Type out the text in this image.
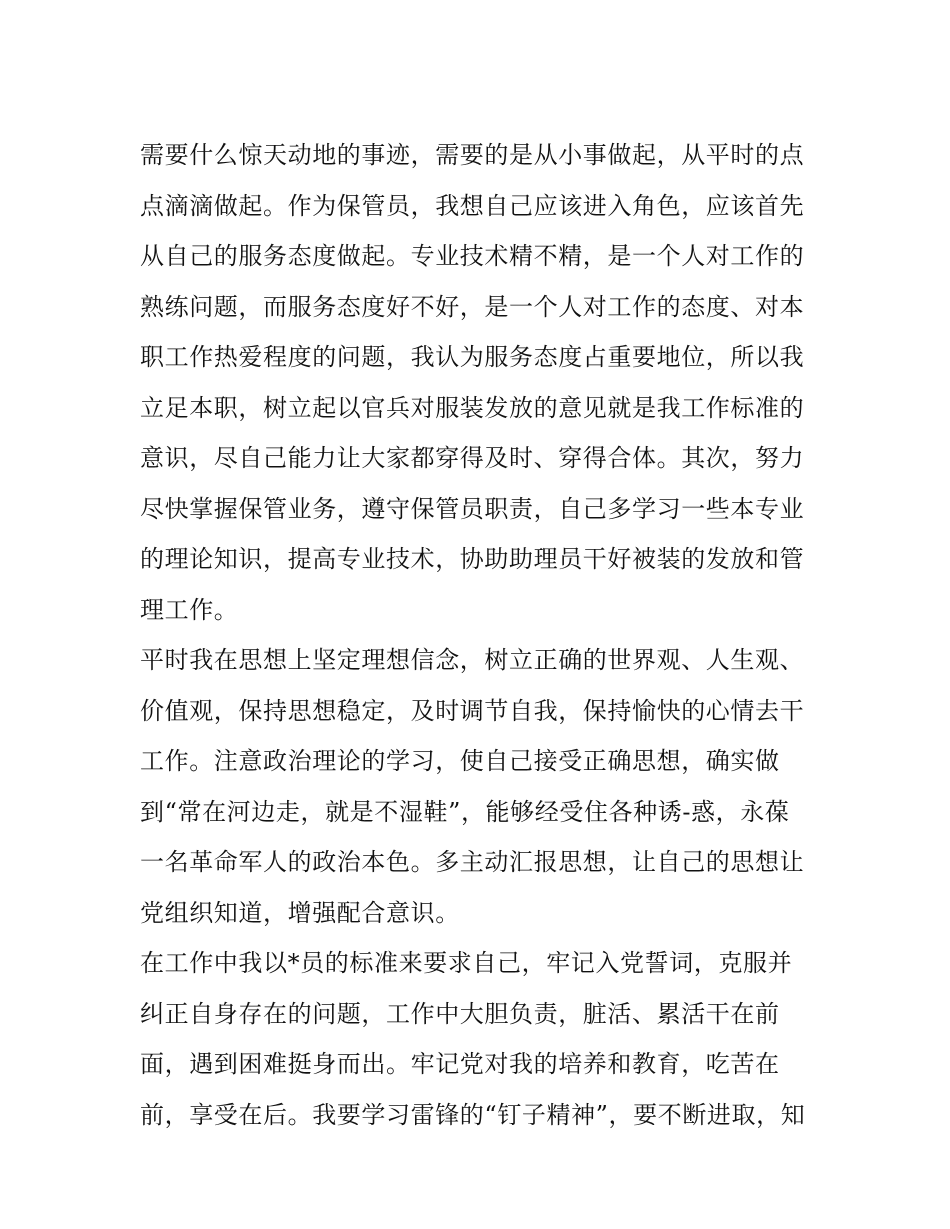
需要什么惊天动地的事迹，需要的是从小事做起，从平时的点
点滴滴做起。作为保管员，我想自己应该进入角色，应该首先
从自己的服务态度做起。专业技术精不精，是一个人对工作的
熟练问题，而服务态度好不好，是一个人对工作的态度、对本
职工作热爱程度的问题，我认为服务态度占重要地位，所以我
立足本职，树立起以官兵对服装发放的意见就是我工作标准的
意识，尽自己能力让大家都穿得及时、穿得合体。其次，努力
尽快掌握保管业务，遵守保管员职责，自己多学习一些本专业
的理论知识，提高专业技术，协助助理员干好被装的发放和管
理工作。
平时我在思想上坚定理想信念，树立正确的世界观、人生观、
价值观，保持思想稳定，及时调节自我，保持愉快的心情去干
工作。注意政治理论的学习，使自己接受正确思想，确实做
到“常在河边走，就是不湿鞋”，能够经受住各种诱-惑，永葆
一名革命军人的政治本色。多主动汇报思想，让自己的思想让
党组织知道，增强配合意识。
在工作中我以*员的标准来要求自己，牢记入党誓词，克服并
纠正自身存在的问题，工作中大胆负责，脏活、累活干在前
面，遇到困难挺身而出。牢记党对我的培养和教育，吃苦在
前，享受在后。我要学习雷锋的“钉子精神”，要不断进取，知
